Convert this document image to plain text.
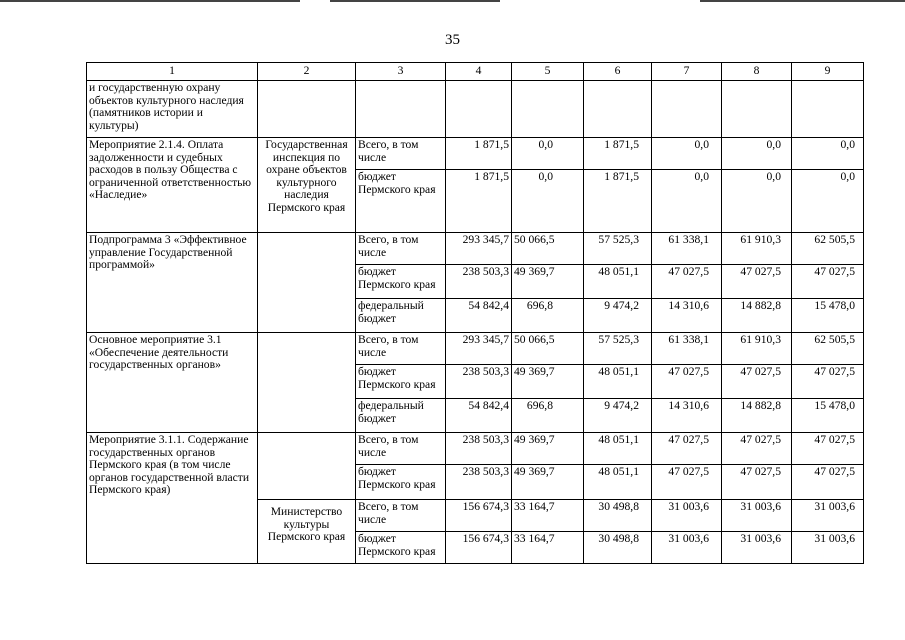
35
1	2	3	4	5	6	7	8	9
и государственную охрану объектов культурного наследия (памятников истории и культуры)								
Мероприятие 2.1.4. Оплата задолженности и судебных расходов в пользу Общества с ограниченной ответственностью «Наследие»	Государственная инспекция по охране объектов культурного наследия Пермского края	Всего, в том числе	1 871,5	0,0	1 871,5	0,0	0,0	0,0
		бюджет Пермского края	1 871,5	0,0	1 871,5	0,0	0,0	0,0
Подпрограмма 3 «Эффективное управление Государственной программой»		Всего, в том числе	293 345,7	50 066,5	57 525,3	61 338,1	61 910,3	62 505,5
		бюджет Пермского края	238 503,3	49 369,7	48 051,1	47 027,5	47 027,5	47 027,5
		федеральный бюджет	54 842,4	696,8	9 474,2	14 310,6	14 882,8	15 478,0
Основное мероприятие 3.1 «Обеспечение деятельности государственных органов»		Всего, в том числе	293 345,7	50 066,5	57 525,3	61 338,1	61 910,3	62 505,5
		бюджет Пермского края	238 503,3	49 369,7	48 051,1	47 027,5	47 027,5	47 027,5
		федеральный бюджет	54 842,4	696,8	9 474,2	14 310,6	14 882,8	15 478,0
Мероприятие 3.1.1. Содержание государственных органов Пермского края (в том числе органов государственной власти Пермского края)		Всего, в том числе	238 503,3	49 369,7	48 051,1	47 027,5	47 027,5	47 027,5
		бюджет Пермского края	238 503,3	49 369,7	48 051,1	47 027,5	47 027,5	47 027,5
	Министерство культуры Пермского края	Всего, в том числе	156 674,3	33 164,7	30 498,8	31 003,6	31 003,6	31 003,6
		бюджет Пермского края	156 674,3	33 164,7	30 498,8	31 003,6	31 003,6	31 003,6
